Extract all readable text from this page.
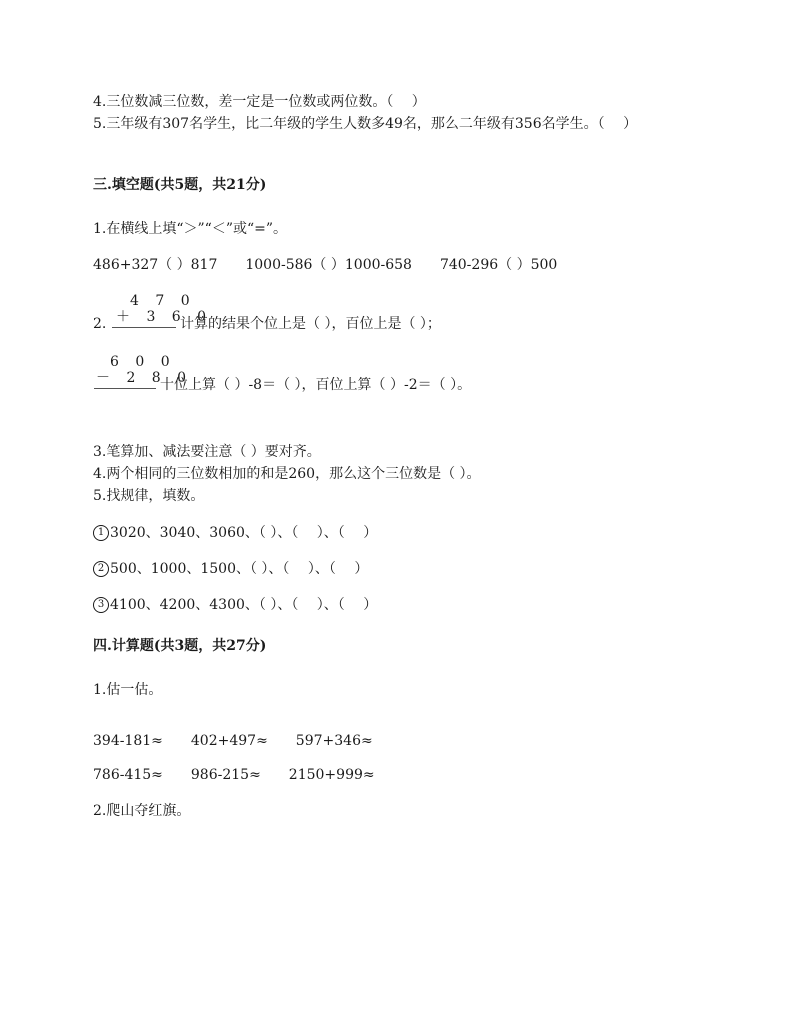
4.三位数减三位数，差一定是一位数或两位数。（　 ）
5.三年级有307名学生，比二年级的学生人数多49名，那么二年级有356名学生。（　 ）
三.填空题(共5题，共21分)
1.在横线上填“＞”“＜”或“=”。
486+327（ ）817　　1000-586（ ）1000-658　　740-296（ ）500
4 7 0
＋ 3 6 0
2.	计算的结果个位上是（ ），百位上是（ ）；
6 0 0
－ 2 8 0
十位上算（ ）-8＝（ ），百位上算（ ）-2＝（ ）。
3.笔算加、减法要注意（ ）要对齐。
4.两个相同的三位数相加的和是260，那么这个三位数是（ ）。
5.找规律，填数。
1 3020、3040、3060、（ ）、（　 ）、（　 ）
2 500、1000、1500、（ ）、（　 ）、（　 ）
3 4100、4200、4300、（ ）、（　 ）、（　 ）
四.计算题(共3题，共27分)
1.估一估。
394-181≈　　402+497≈　　597+346≈
786-415≈　　986-215≈　　2150+999≈
2.爬山夺红旗。
